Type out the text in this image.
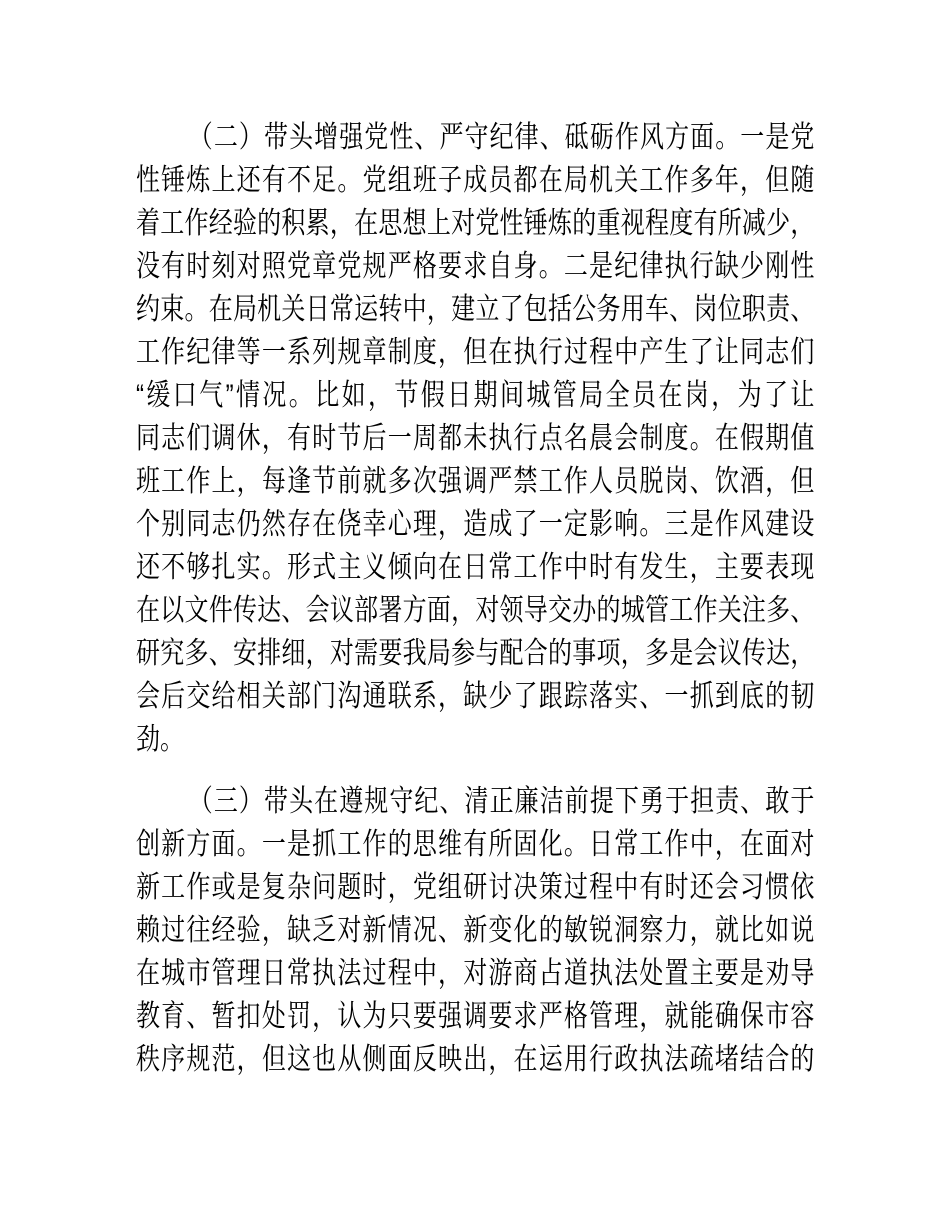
（二）带头增强党性、严守纪律、砥砺作风方面。一是党
性锤炼上还有不足。党组班子成员都在局机关工作多年，但随
着工作经验的积累，在思想上对党性锤炼的重视程度有所减少，
没有时刻对照党章党规严格要求自身。二是纪律执行缺少刚性
约束。在局机关日常运转中，建立了包括公务用车、岗位职责、
工作纪律等一系列规章制度，但在执行过程中产生了让同志们
“缓口气”情况。比如，节假日期间城管局全员在岗，为了让
同志们调休，有时节后一周都未执行点名晨会制度。在假期值
班工作上，每逢节前就多次强调严禁工作人员脱岗、饮酒，但
个别同志仍然存在侥幸心理，造成了一定影响。三是作风建设
还不够扎实。形式主义倾向在日常工作中时有发生，主要表现
在以文件传达、会议部署方面，对领导交办的城管工作关注多、
研究多、安排细，对需要我局参与配合的事项，多是会议传达，
会后交给相关部门沟通联系，缺少了跟踪落实、一抓到底的韧
劲。
（三）带头在遵规守纪、清正廉洁前提下勇于担责、敢于
创新方面。一是抓工作的思维有所固化。日常工作中，在面对
新工作或是复杂问题时，党组研讨决策过程中有时还会习惯依
赖过往经验，缺乏对新情况、新变化的敏锐洞察力，就比如说
在城市管理日常执法过程中，对游商占道执法处置主要是劝导
教育、暂扣处罚，认为只要强调要求严格管理，就能确保市容
秩序规范，但这也从侧面反映出，在运用行政执法疏堵结合的
